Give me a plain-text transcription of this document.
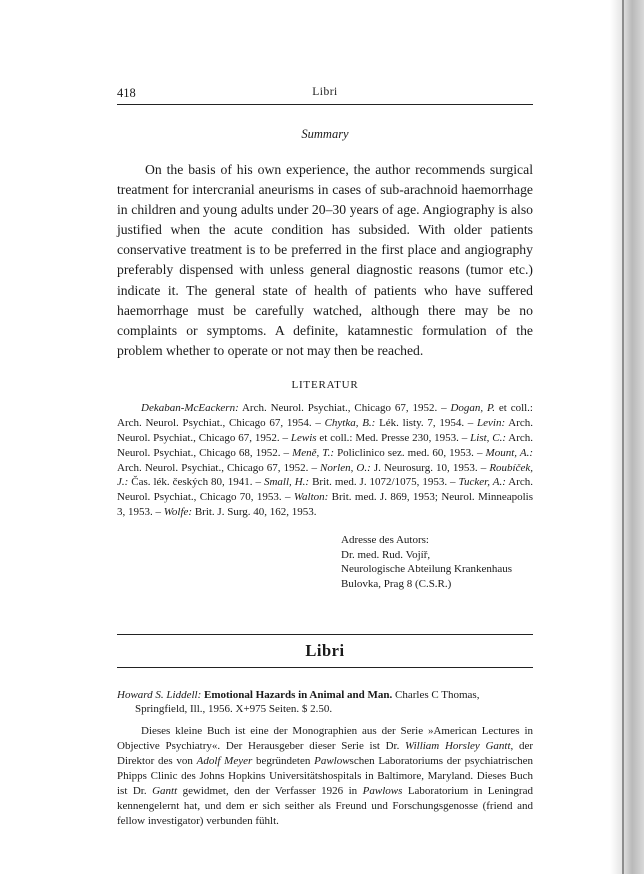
418	Libri
Summary

On the basis of his own experience, the author recommends surgical treatment for intercranial aneurisms in cases of sub-arachnoid haemorrhage in children and young adults under 20–30 years of age. Angiography is also justified when the acute condition has subsided. With older patients conservative treatment is to be preferred in the first place and angiography preferably dispensed with unless general diagnostic reasons (tumor etc.) indicate it. The general state of health of patients who have suffered haemorrhage must be carefully watched, although there may be no complaints or symptoms. A definite, katamnestic formulation of the problem whether to operate or not may then be reached.

LITERATUR

Dekaban-McEackern: Arch. Neurol. Psychiat., Chicago 67, 1952. – Dogan, P. et coll.: Arch. Neurol. Psychiat., Chicago 67, 1954. – Chytka, B.: Lék. listy. 7, 1954. – Levin: Arch. Neurol. Psychiat., Chicago 67, 1952. – Lewis et coll.: Med. Presse 230, 1953. – List, C.: Arch. Neurol. Psychiat., Chicago 68, 1952. – Meně, T.: Policlinico sez. med. 60, 1953. – Mount, A.: Arch. Neurol. Psychiat., Chicago 67, 1952. – Norlen, O.: J. Neurosurg. 10, 1953. – Roubíček, J.: Čas. lék. českých 80, 1941. – Small, H.: Brit. med. J. 1072/1075, 1953. – Tucker, A.: Arch. Neurol. Psychiat., Chicago 70, 1953. – Walton: Brit. med. J. 869, 1953; Neurol. Minneapolis 3, 1953. – Wolfe: Brit. J. Surg. 40, 162, 1953.

Adresse des Autors:
Dr. med. Rud. Vojíř,
Neurologische Abteilung Krankenhaus
Bulovka, Prag 8 (C.S.R.)
Libri
Howard S. Liddell: Emotional Hazards in Animal and Man. Charles C Thomas, Springfield, Ill., 1956. X+975 Seiten. $ 2.50.

Dieses kleine Buch ist eine der Monographien aus der Serie »American Lectures in Objective Psychiatry«. Der Herausgeber dieser Serie ist Dr. William Horsley Gantt, der Direktor des von Adolf Meyer begründeten Pawlowschen Laboratoriums der psychiatrischen Phipps Clinic des Johns Hopkins Universitätshospitals in Baltimore, Maryland. Dieses Buch ist Dr. Gantt gewidmet, den der Verfasser 1926 in Pawlows Laboratorium in Leningrad kennengelernt hat, und dem er sich seither als Freund und Forschungsgenosse (friend and fellow investigator) verbunden fühlt.
